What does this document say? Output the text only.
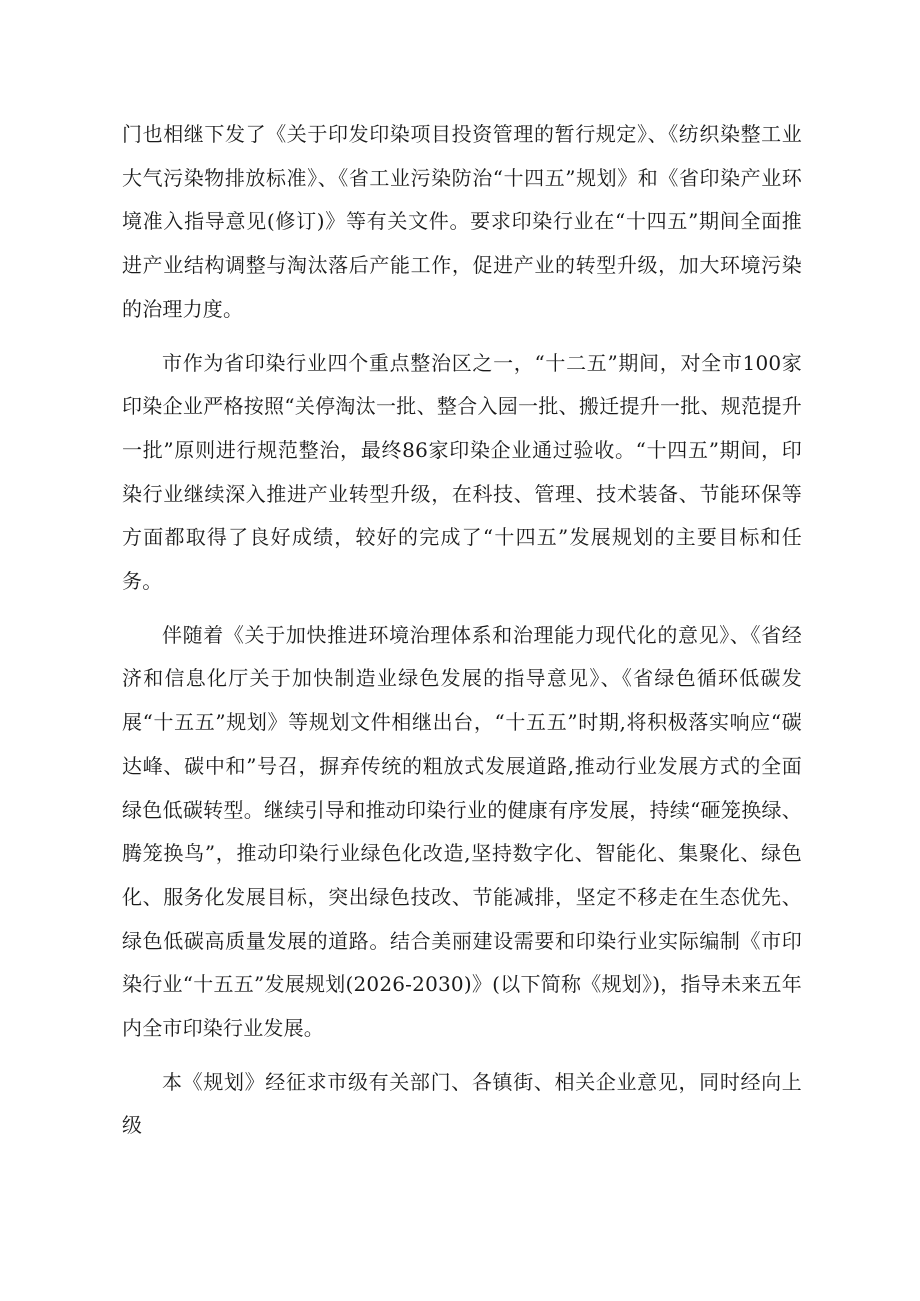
门也相继下发了《关于印发印染项目投资管理的暂行规定》、《纺织染整工业大气污染物排放标准》、《省工业污染防治“十四五”规划》和《省印染产业环境准入指导意见(修订)》等有关文件。要求印染行业在“十四五”期间全面推进产业结构调整与淘汰落后产能工作，促进产业的转型升级，加大环境污染的治理力度。

市作为省印染行业四个重点整治区之一，“十二五”期间，对全市100家印染企业严格按照“关停淘汰一批、整合入园一批、搬迁提升一批、规范提升一批”原则进行规范整治，最终86家印染企业通过验收。“十四五”期间，印染行业继续深入推进产业转型升级，在科技、管理、技术装备、节能环保等方面都取得了良好成绩，较好的完成了“十四五”发展规划的主要目标和任务。

伴随着《关于加快推进环境治理体系和治理能力现代化的意见》、《省经济和信息化厅关于加快制造业绿色发展的指导意见》、《省绿色循环低碳发展“十五五”规划》等规划文件相继出台，“十五五”时期,将积极落实响应“碳达峰、碳中和”号召，摒弃传统的粗放式发展道路,推动行业发展方式的全面绿色低碳转型。继续引导和推动印染行业的健康有序发展，持续“砸笼换绿、腾笼换鸟”，推动印染行业绿色化改造,坚持数字化、智能化、集聚化、绿色化、服务化发展目标，突出绿色技改、节能减排，坚定不移走在生态优先、绿色低碳高质量发展的道路。结合美丽建设需要和印染行业实际编制《市印染行业“十五五”发展规划(2026-2030)》(以下简称《规划》)，指导未来五年内全市印染行业发展。

本《规划》经征求市级有关部门、各镇街、相关企业意见，同时经向上级
